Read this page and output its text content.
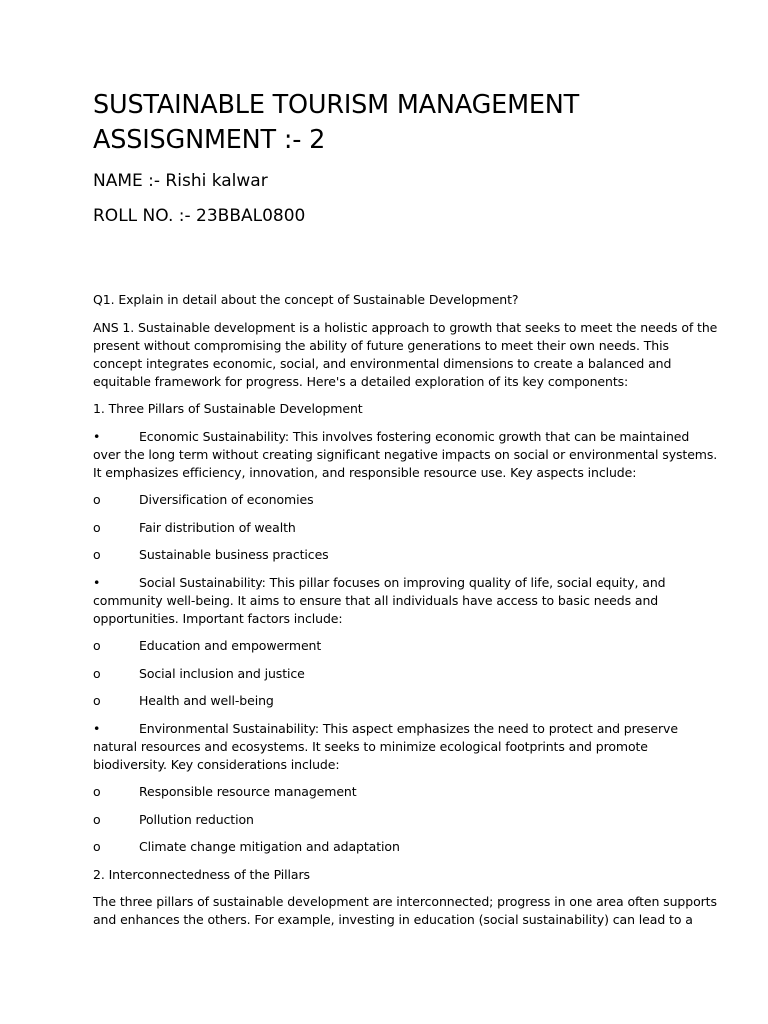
SUSTAINABLE TOURISM MANAGEMENT
ASSISGNMENT :- 2
NAME :- Rishi kalwar
ROLL NO. :- 23BBAL0800
Q1. Explain in detail about the concept of Sustainable Development?
ANS 1. Sustainable development is a holistic approach to growth that seeks to meet the needs of the
present without compromising the ability of future generations to meet their own needs. This
concept integrates economic, social, and environmental dimensions to create a balanced and
equitable framework for progress. Here's a detailed exploration of its key components:
1. Three Pillars of Sustainable Development
•	Economic Sustainability: This involves fostering economic growth that can be maintained
over the long term without creating significant negative impacts on social or environmental systems.
It emphasizes efficiency, innovation, and responsible resource use. Key aspects include:
o	Diversification of economies
o	Fair distribution of wealth
o	Sustainable business practices
•	Social Sustainability: This pillar focuses on improving quality of life, social equity, and
community well-being. It aims to ensure that all individuals have access to basic needs and
opportunities. Important factors include:
o	Education and empowerment
o	Social inclusion and justice
o	Health and well-being
•	Environmental Sustainability: This aspect emphasizes the need to protect and preserve
natural resources and ecosystems. It seeks to minimize ecological footprints and promote
biodiversity. Key considerations include:
o	Responsible resource management
o	Pollution reduction
o	Climate change mitigation and adaptation
2. Interconnectedness of the Pillars
The three pillars of sustainable development are interconnected; progress in one area often supports
and enhances the others. For example, investing in education (social sustainability) can lead to a
